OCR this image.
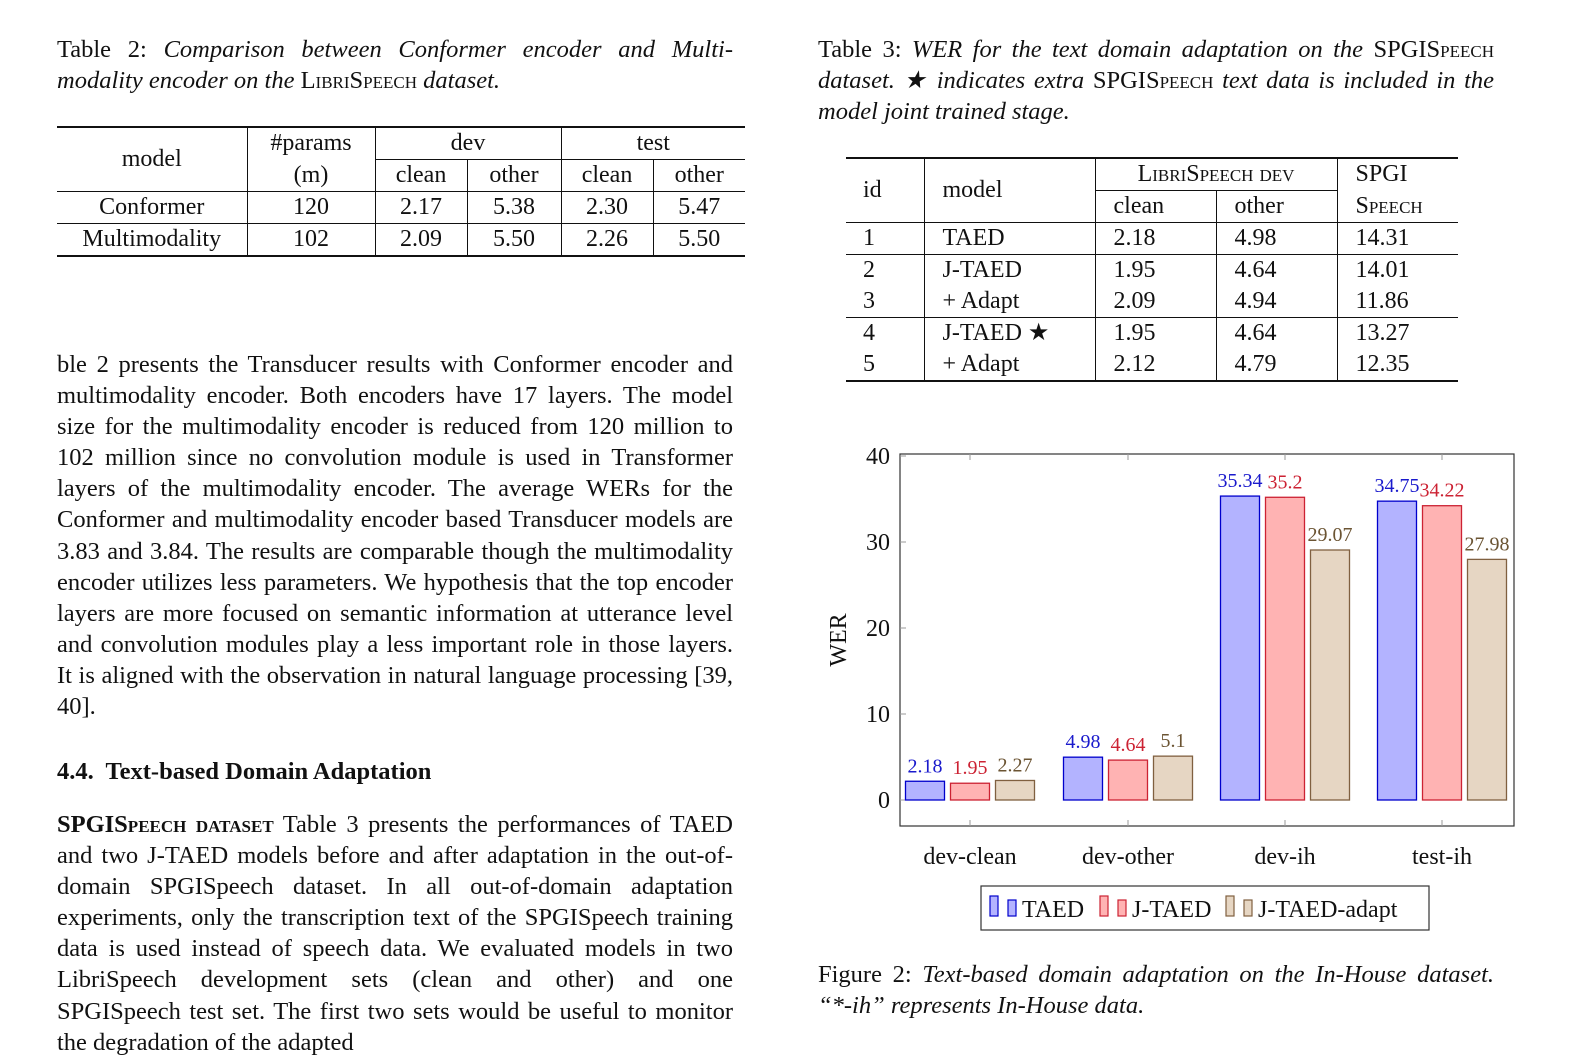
Table 2: Comparison between Conformer encoder and Multi-modality encoder on the LibriSpeech dataset.
model	#params	dev		test	
	(m)	clean	other	clean	other
Conformer	120	2.17	5.38	2.30	5.47
Multimodality	102	2.09	5.50	2.26	5.50

ble 2 presents the Transducer results with Conformer encoder and multimodality encoder. Both encoders have 17 layers. The model size for the multimodality encoder is reduced from 120 million to 102 million since no convolution module is used in Transformer layers of the multimodality encoder. The average WERs for the Conformer and multimodality encoder based Transducer models are 3.83 and 3.84. The results are comparable though the multimodality encoder utilizes less parameters. We hypothesis that the top encoder layers are more focused on semantic information at utterance level and convolution modules play a less important role in those layers. It is aligned with the observation in natural language processing [39, 40].

4.4.  Text-based Domain Adaptation

SPGISpeech dataset Table 3 presents the performances of TAED and two J-TAED models before and after adaptation in the out-of-domain SPGISpeech dataset. In all out-of-domain adaptation experiments, only the transcription text of the SPGISpeech training data is used instead of speech data. We evaluated models in two LibriSpeech development sets (clean and other) and one SPGISpeech test set. The first two sets would be useful to monitor the degradation of the adapted

Table 3: WER for the text domain adaptation on the SPGISpeech dataset. ★ indicates extra SPGISpeech text data is included in the model joint trained stage.
id	model	LibriSpeech dev		SPGI
		clean	other	Speech
1	TAED	2.18	4.98	14.31
2	J-TAED	1.95	4.64	14.01
3	+ Adapt	2.09	4.94	11.86
4	J-TAED ★	1.95	4.64	13.27
5	+ Adapt	2.12	4.79	12.35
0
10
20
30
40
WER
dev-clean
2.18 1.95 2.27
dev-other
4.98 4.64 5.1
dev-ih
35.34 35.2
29.07
test-ih
34.75 34.22
27.98
TAED J-TAED J-TAED-adapt
Figure 2: Text-based domain adaptation on the In-House dataset. “*-ih” represents In-House data.
